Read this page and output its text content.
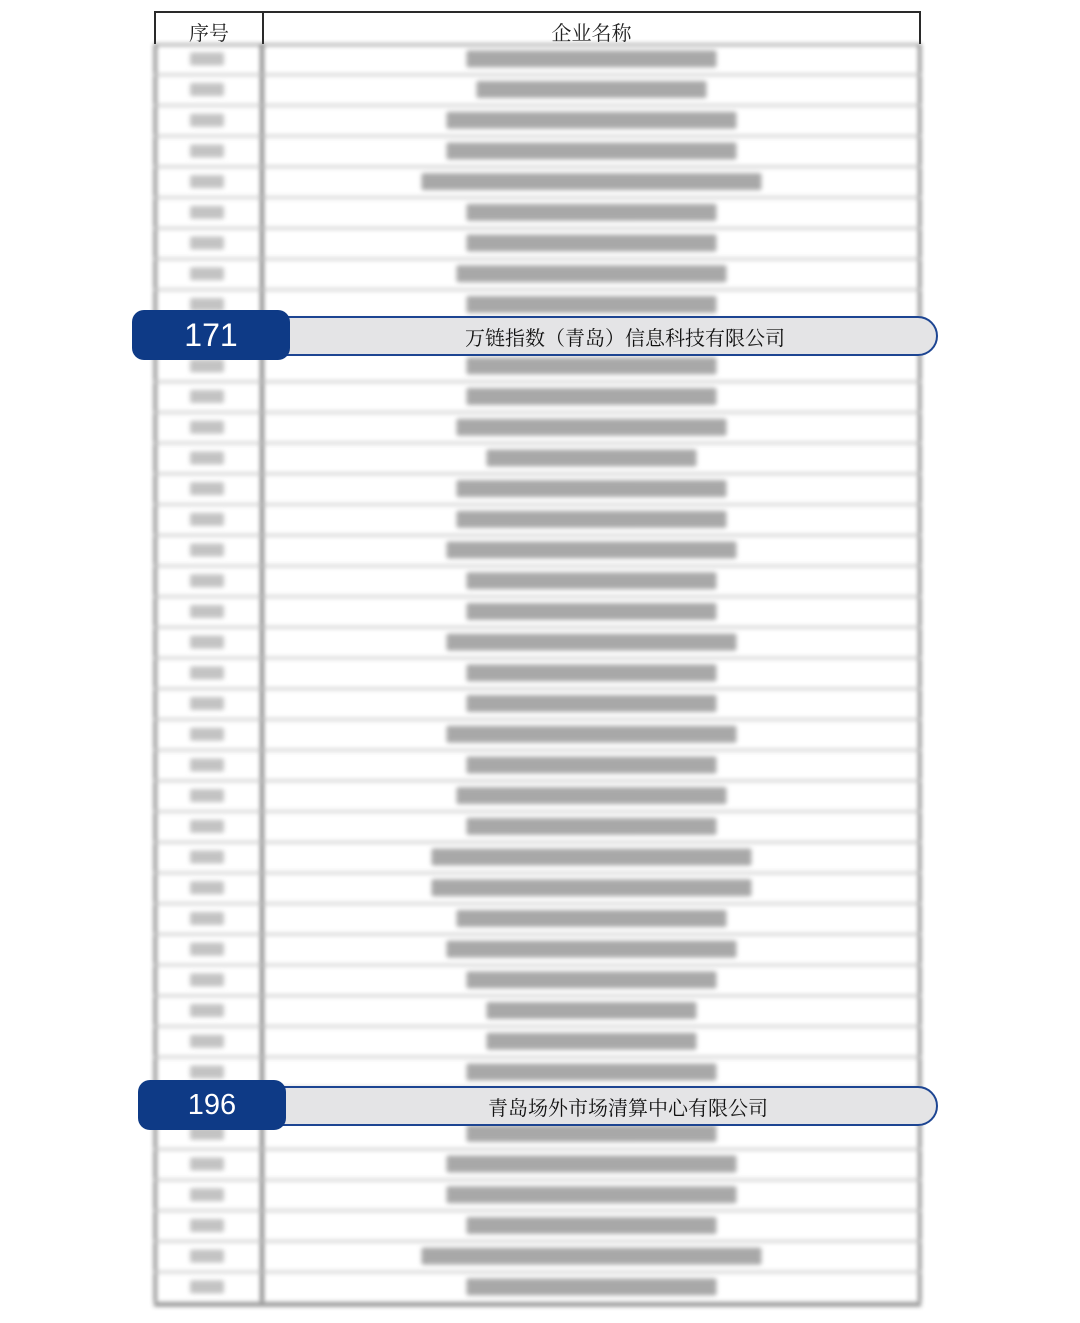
序号	企业名称
万链指数（青岛）信息科技有限公司
171
青岛场外市场清算中心有限公司
196
